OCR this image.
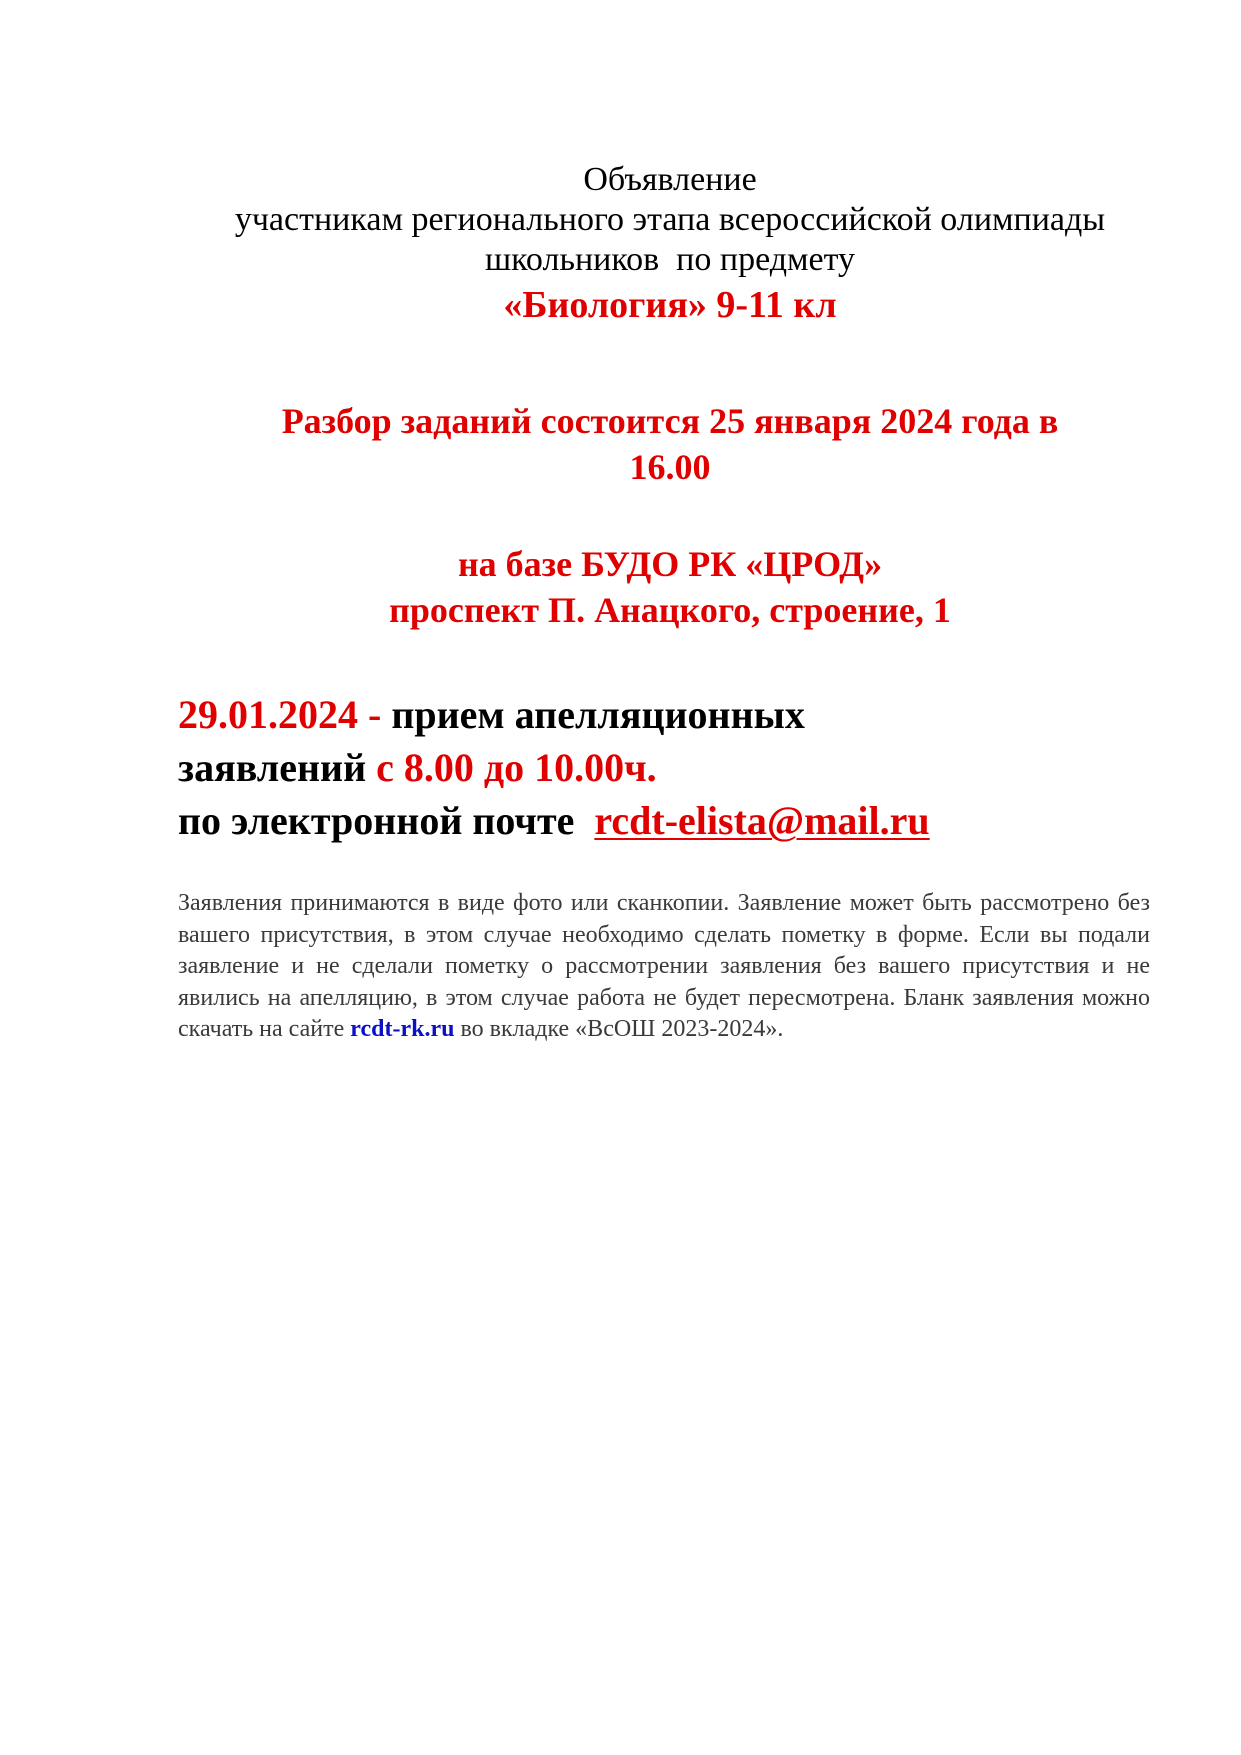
Объявление
участникам регионального этапа всероссийской олимпиады
школьников  по предмету
«Биология» 9-11 кл
Разбор заданий состоится 25 января 2024 года в
16.00
на базе БУДО РК «ЦРОД»
проспект П. Анацкого, строение, 1
29.01.2024 - прием апелляционных
заявлений с 8.00 до 10.00ч.
по электронной почте  rcdt-elista@mail.ru
Заявления принимаются в виде фото или сканкопии. Заявление может быть рассмотрено без вашего присутствия, в этом случае необходимо сделать пометку в форме. Если вы подали заявление и не сделали пометку о рассмотрении заявления без вашего присутствия и не явились на апелляцию, в этом случае работа не будет пересмотрена. Бланк заявления можно скачать на сайте rcdt-rk.ru во вкладке «ВсОШ 2023-2024».
